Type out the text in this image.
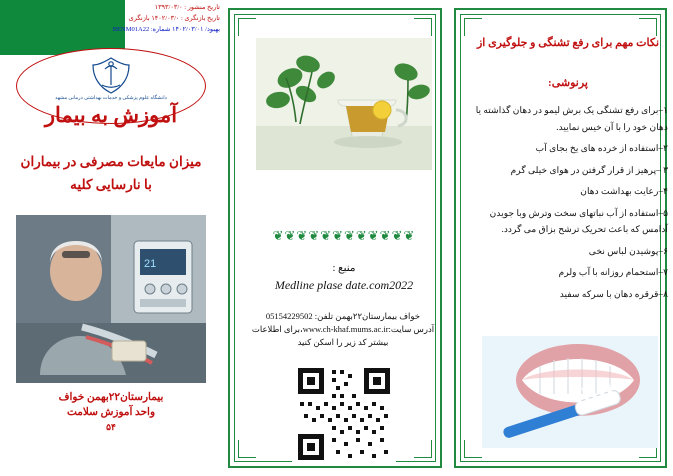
تاریخ منشور : ۱۳۹۳/۰۳/۰
تاریخ بازنگری : ۱۴۰۲/۰۳/۰ بازنگری
بهبود/ ۱۴۰۲/۰۳/۰۱ شماره: BENM01A22
دانشگاه علوم پزشکی و خدمات بهداشتی درمانی مشهد
آموزش به بیمار
میزان مایعات مصرفی در بیماران
با نارسایی کلیه
21
بیمارستان۲۲بهمن خواف
واحد آموزش سلامت
۵۴
❦❦❦❦❦❦❦❦❦❦❦❦
منبع :
Medline plase date.com2022
خواف بیمارستان۲۲بهمن تلفن: 05154229502
آدرس سایت:www.ch-khaf.mums.ac.ir،برای اطلاعات
بیشتر کد زیر را اسکن کنید
نکات مهم برای رفع تشنگی و جلوگیری از
پرنوشی:
۱–برای رفع تشنگی یک برش لیمو در دهان گذاشته یا دهان خود را با آن خیس نمایید.
۲–استفاده از خرده های یخ بجای آب
۳ –پرهیز از قرار گرفتن در هوای خیلی گرم
۴–رعایت بهداشت دهان
۵–استفاده از آب نباتهای سخت وترش وبا جویدن آدامس که باعث تحریک ترشح بزاق می گردد.
۶–پوشیدن لباس نخی
۷–استحمام روزانه با آب ولرم
۸–قرقره دهان با سرکه سفید
